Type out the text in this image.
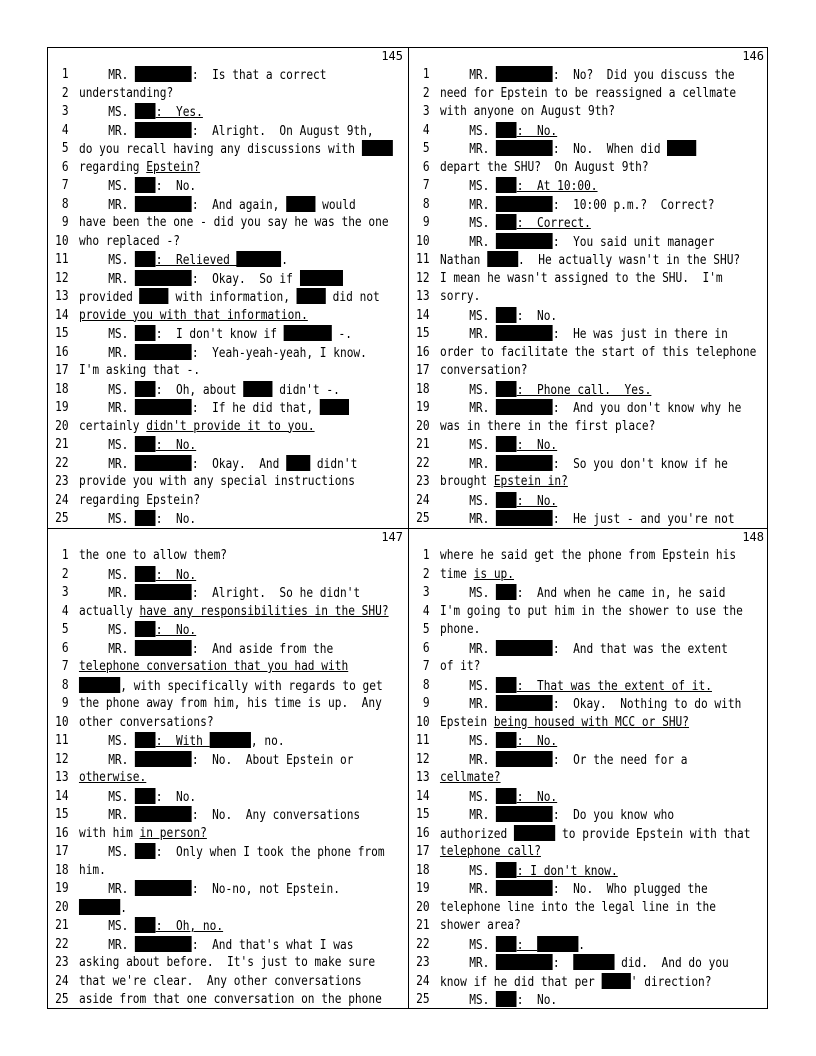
145
1	MR.	:  Is that a correct
2 understanding?
3	MS. :  Yes.
4	MR.	:  Alright.  On August 9th,
5 do you recall having any discussions with
6 regarding Epstein?
7	MS. :  No.
8	MR.	:  And again,  would
9 have been the one - did you say he was the one
10 who replaced -?
11	MS. :  Relieved	.
12	MR.	:  Okay.  So if
13 provided  with information,  did not
14 provide you with that information.
15	MS. :  I don't know if	-.
16	MR.	:  Yeah-yeah-yeah, I know.
17 I'm asking that -.
18	MS. :  Oh, about  didn't -.
19	MR.	:  If he did that,
20 certainly didn't provide it to you.
21	MS. :  No.
22	MR.	:  Okay.  And  didn't
23 provide you with any special instructions
24 regarding Epstein?
25	MS. :  No.
146
1	MR.	:  No?  Did you discuss the
2 need for Epstein to be reassigned a cellmate
3 with anyone on August 9th?
4	MS. :  No.
5	MR.	:  No.  When did
6 depart the SHU?  On August 9th?
7	MS. :  At 10:00.
8	MR.	:  10:00 p.m.?  Correct?
9	MS. :  Correct.
10	MR.	:  You said unit manager
11 Nathan .  He actually wasn't in the SHU?
12 I mean he wasn't assigned to the SHU.  I'm
13 sorry.
14	MS. :  No.
15	MR.	:  He was just in there in
16 order to facilitate the start of this telephone
17 conversation?
18	MS. :  Phone call.  Yes.
19	MR.	:  And you don't know why he
20 was in there in the first place?
21	MS. :  No.
22	MR.	:  So you don't know if he
23 brought Epstein in?
24	MS. :  No.
25	MR.	:  He just - and you're not
147
1 the one to allow them?
2	MS. :  No.
3	MR.	:  Alright.  So he didn't
4 actually have any responsibilities in the SHU?
5	MS. :  No.
6	MR.	:  And aside from the
7 telephone conversation that you had with
8	, with specifically with regards to get
9 the phone away from him, his time is up.  Any
10 other conversations?
11	MS. :  With	, no.
12	MR.	:  No.  About Epstein or
13 otherwise.
14	MS. :  No.
15	MR.	:  No.  Any conversations
16 with him in person?
17	MS. :  Only when I took the phone from
18 him.
19	MR.	:  No-no, not Epstein.
20	.
21	MS. :  Oh, no.
22	MR.	:  And that's what I was
23 asking about before.  It's just to make sure
24 that we're clear.  Any other conversations
25 aside from that one conversation on the phone
148
1 where he said get the phone from Epstein his
2 time is up.
3	MS. :  And when he came in, he said
4 I'm going to put him in the shower to use the
5 phone.
6	MR.	:  And that was the extent
7 of it?
8	MS. :  That was the extent of it.
9	MR.	:  Okay.  Nothing to do with
10 Epstein being housed with MCC or SHU?
11	MS. :  No.
12	MR.	:  Or the need for a
13 cellmate?
14	MS. :  No.
15	MR.	:  Do you know who
16 authorized	to provide Epstein with that
17 telephone call?
18	MS. : I don't know.
19	MR.	:  No.  Who plugged the
20 telephone line into the legal line in the
21 shower area?
22	MS. :	.
23	MR.	:	did.  And do you
24 know if he did that per ' direction?
25	MS. :  No.
